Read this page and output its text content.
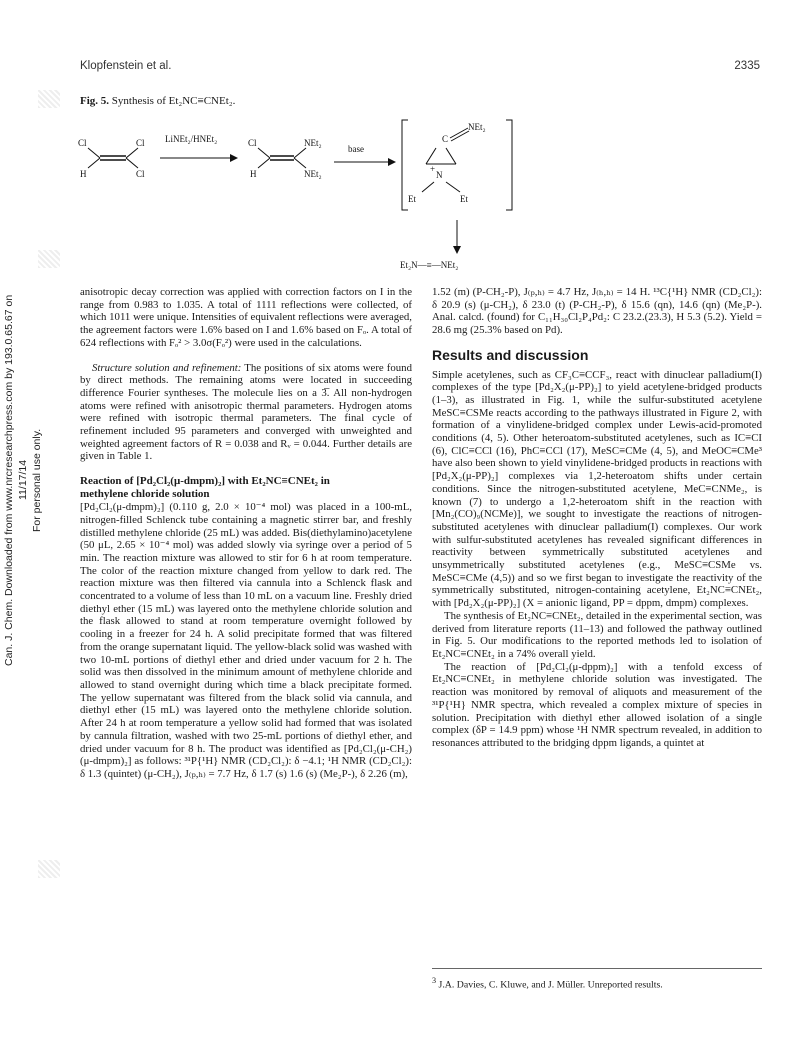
Klopfenstein et al.	2335
Can. J. Chem. Downloaded from www.nrcresearchpress.com by 193.0.65.67 on 11/17/14 For personal use only.
Fig. 5. Synthesis of Et₂NC≡CNEt₂.
Cl
H
Cl
Cl
LiNEt₂/HNEt₂	Cl
H
NEt₂
NEt₂
base
C
NEt₂
N
+
Et	Et
Et₂N—≡—NEt₂

anisotropic decay correction was applied with correction factors on I in the range from 0.983 to 1.035. A total of 1111 reflections were collected, of which 1011 were unique. Intensities of equivalent reflections were averaged, the agreement factors were 1.6% based on I and 1.6% based on Fₒ. A total of 624 reflections with Fₒ² > 3.0σ(Fₒ²) were used in the calculations.

Structure solution and refinement: The positions of six atoms were found by direct methods. The remaining atoms were located in succeeding difference Fourier syntheses. The molecule lies on a 3̅. All non-hydrogen atoms were refined with anisotropic thermal parameters. Hydrogen atoms were refined with isotropic thermal parameters. The final cycle of refinement included 95 parameters and converged with unweighted and weighted agreement factors of R = 0.038 and Rᵥ = 0.044. Further details are given in Table 1.

Reaction of [Pd₂Cl₂(μ-dmpm)₂] with Et₂NC≡CNEt₂ in

methylene chloride solution

[Pd₂Cl₂(μ-dmpm)₂] (0.110 g, 2.0 × 10⁻⁴ mol) was placed in a 100-mL, nitrogen-filled Schlenck tube containing a magnetic stirrer bar, and freshly distilled methylene chloride (25 mL) was added. Bis(diethylamino)acetylene (50 μL, 2.65 × 10⁻⁴ mol) was added slowly via syringe over a period of 5 min. The reaction mixture was allowed to stir for 6 h at room temperature. The color of the reaction mixture changed from yellow to dark red. The reaction mixture was then filtered via cannula into a Schlenck flask and concentrated to a volume of less than 10 mL on a vacuum line. Freshly dried diethyl ether (15 mL) was layered onto the methylene chloride solution and the flask allowed to stand at room temperature overnight followed by cooling in a freezer for 24 h. A solid precipitate formed that was filtered from the orange supernatant liquid. The yellow-black solid was washed with two 10-mL portions of diethyl ether and dried under vacuum for 2 h. The solid was then dissolved in the minimum amount of methylene chloride and allowed to stand overnight during which time a black precipitate formed. The yellow supernatant was filtered from the black solid via cannula, and diethyl ether (15 mL) was layered onto the methylene chloride solution. After 24 h at room temperature a yellow solid had formed that was isolated by cannula filtration, washed with two 25-mL portions of diethyl ether, and dried under vacuum for 8 h. The product was identified as [Pd₂Cl₂(μ-CH₂)(μ-dmpm)₂] as follows: ³¹P{¹H} NMR (CD₂Cl₂): δ −4.1; ¹H NMR (CD₂Cl₂): δ 1.3 (quintet) (μ-CH₂), J₍ₚ,ₕ₎ = 7.7 Hz, δ 1.7 (s) 1.6 (s) (Me₂P-), δ 2.26 (m),

1.52 (m) (P-CH₂-P), J₍ₚ,ₕ₎ = 4.7 Hz, J₍ₕ,ₕ₎ = 14 H. ¹³C{¹H} NMR (CD₂Cl₂): δ 20.9 (s) (μ-CH₂), δ 23.0 (t) (P-CH₂-P), δ 15.6 (qn), 14.6 (qn) (Me₂P-). Anal. calcd. (found) for C₁₁H₃₀Cl₂P₄Pd₂: C 23.2.(23.3), H 5.3 (5.2). Yield = 28.6 mg (25.3% based on Pd).

Results and discussion

Simple acetylenes, such as CF₃C≡CCF₃, react with dinuclear palladium(I) complexes of the type [Pd₂X₂(μ-PP)₂] to yield acetylene-bridged products (1–3), as illustrated in Fig. 1, while the sulfur-substituted acetylene MeSC≡CSMe reacts according to the pathways illustrated in Figure 2, with formation of a vinylidene-bridged complex under Lewis-acid-promoted conditions (4, 5). Other heteroatom-substituted acetylenes, such as IC≡CI (6), ClC≡CCl (16), PhC≡CCl (17), MeSC≡CMe (4, 5), and MeOC≡CMe³ have also been shown to yield vinylidene-bridged products in reactions with [Pd₂X₂(μ-PP)₂] complexes via 1,2-heteroatom shifts under certain conditions. Since the nitrogen-substituted acetylene, MeC≡CNMe₂, is known (7) to undergo a 1,2-heteroatom shift in the reaction with [Mn₂(CO)₉(NCMe)], we sought to investigate the reactions of nitrogen-substituted acetylenes with dinuclear palladium(I) complexes. Our work with sulfur-substituted acetylenes has revealed significant differences in reactivity between symmetrically substituted acetylenes and unsymmetrically substituted acetylenes (e.g., MeSC≡CSMe vs. MeSC≡CMe (4,5)) and so we first began to investigate the reactivity of the symmetrically substituted, nitrogen-containing acetylene, Et₂NC≡CNEt₂, with [Pd₂X₂(μ-PP)₂] (X = anionic ligand, PP = dppm, dmpm) complexes.

The synthesis of Et₂NC≡CNEt₂, detailed in the experimental section, was derived from literature reports (11–13) and followed the pathway outlined in Fig. 5. Our modifications to the reported methods led to isolation of Et₂NC≡CNEt₂ in a 74% overall yield.

The reaction of [Pd₂Cl₂(μ-dppm)₂] with a tenfold excess of Et₂NC≡CNEt₂ in methylene chloride solution was investigated. The reaction was monitored by removal of aliquots and measurement of the ³¹P{¹H} NMR spectra, which revealed a complex mixture of species in solution. Precipitation with diethyl ether allowed isolation of a single complex (δP = 14.9 ppm) whose ¹H NMR spectrum revealed, in addition to resonances attributed to the bridging dppm ligands, a quintet at

$^3$ J.A. Davies, C. Kluwe, and J. Müller. Unreported results.
